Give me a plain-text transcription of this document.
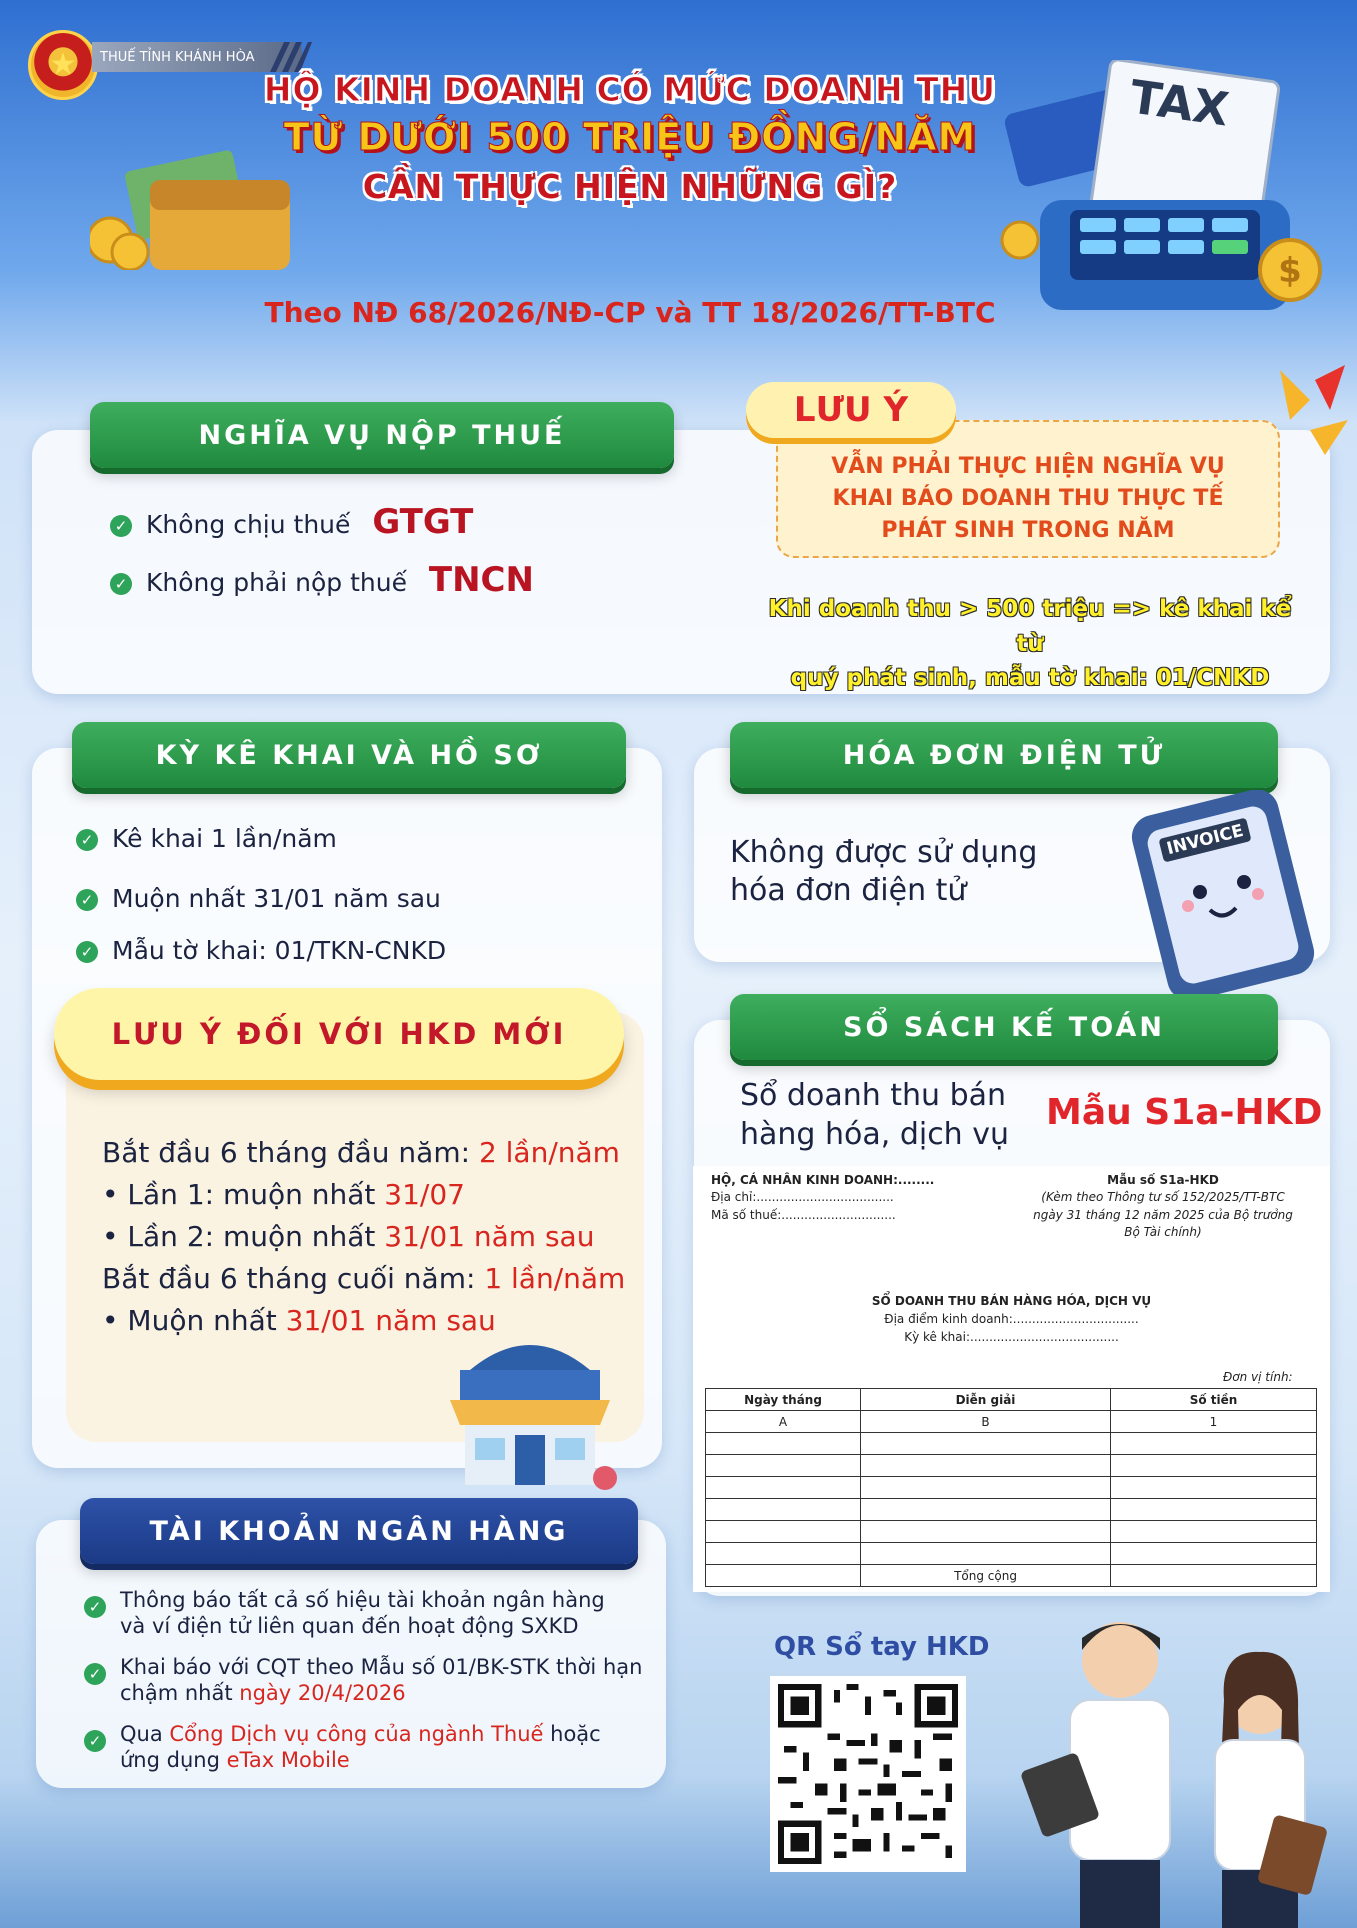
★	THUẾ TỈNH KHÁNH HÒA
$
TAX
HỘ KINH DOANH CÓ MỨC DOANH THU
TỪ DƯỚI 500 TRIỆU ĐỒNG/NĂM
CẦN THỰC HIỆN NHỮNG GÌ?
Theo NĐ 68/2026/NĐ-CP và TT 18/2026/TT-BTC
NGHĨA VỤ NỘP THUẾ
✓ Không chịu thuế GTGT
✓ Không phải nộp thuế TNCN
VẪN PHẢI THỰC HIỆN NGHĨA VỤ KHAI BÁO DOANH THU THỰC TẾ PHÁT SINH TRONG NĂM
LƯU Ý
Khi doanh thu > 500 triệu => kê khai kể từ
quý phát sinh, mẫu tờ khai: 01/CNKD
KỲ KÊ KHAI VÀ HỒ SƠ
✓ Kê khai 1 lần/năm
✓ Muộn nhất 31/01 năm sau
✓ Mẫu tờ khai: 01/TKN-CNKD
LƯU Ý ĐỐI VỚI HKD MỚI
Bắt đầu 6 tháng đầu năm: 2 lần/năm
• Lần 1: muộn nhất 31/07
• Lần 2: muộn nhất 31/01 năm sau
Bắt đầu 6 tháng cuối năm: 1 lần/năm
• Muộn nhất 31/01 năm sau
HÓA ĐƠN ĐIỆN TỬ
Không được sử dụng
hóa đơn điện tử
INVOICE
SỔ SÁCH KẾ TOÁN
Sổ doanh thu bán
hàng hóa, dịch vụ
Mẫu S1a-HKD
HỘ, CÁ NHÂN KINH DOANH:........
Địa chỉ:....................................
Mã số thuế:..............................
Mẫu số S1a-HKD
(Kèm theo Thông tư số 152/2025/TT-BTC
ngày 31 tháng 12 năm 2025 của Bộ trưởng
Bộ Tài chính)
SỔ DOANH THU BÁN HÀNG HÓA, DỊCH VỤ
Địa điểm kinh doanh:.................................
Kỳ kê khai:.......................................
Đơn vị tính:
Ngày tháng	Diễn giải	Số tiền
A	B	1

	Tổng cộng	
TÀI KHOẢN NGÂN HÀNG
✓ Thông báo tất cả số hiệu tài khoản ngân hàng
và ví điện tử liên quan đến hoạt động SXKD
✓ Khai báo với CQT theo Mẫu số 01/BK-STK thời hạn
chậm nhất ngày 20/4/2026
✓ Qua Cổng Dịch vụ công của ngành Thuế hoặc
ứng dụng eTax Mobile
QR Sổ tay HKD
